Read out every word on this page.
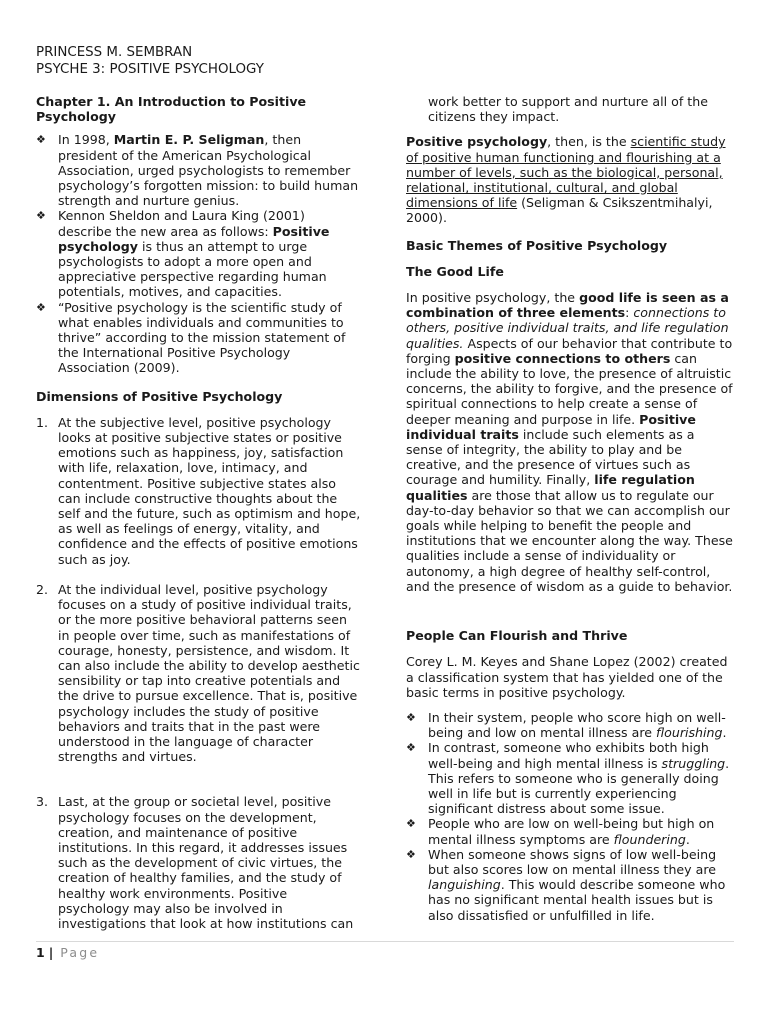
PRINCESS M. SEMBRAN
PSYCHE 3: POSITIVE PSYCHOLOGY

Chapter 1. An Introduction to Positive Psychology

❖ In 1998, Martin E. P. Seligman, then president of the American Psychological Association, urged psychologists to remember psychology’s forgotten mission: to build human strength and nurture genius.
❖ Kennon Sheldon and Laura King (2001) describe the new area as follows: Positive psychology is thus an attempt to urge psychologists to adopt a more open and appreciative perspective regarding human potentials, motives, and capacities.
❖ “Positive psychology is the scientific study of what enables individuals and communities to thrive” according to the mission statement of the International Positive Psychology Association (2009).

Dimensions of Positive Psychology

1. At the subjective level, positive psychology looks at positive subjective states or positive emotions such as happiness, joy, satisfaction with life, relaxation, love, intimacy, and contentment. Positive subjective states also can include constructive thoughts about the self and the future, such as optimism and hope, as well as feelings of energy, vitality, and confidence and the effects of positive emotions such as joy.
2. At the individual level, positive psychology focuses on a study of positive individual traits, or the more positive behavioral patterns seen in people over time, such as manifestations of courage, honesty, persistence, and wisdom. It can also include the ability to develop aesthetic sensibility or tap into creative potentials and the drive to pursue excellence. That is, positive psychology includes the study of positive behaviors and traits that in the past were understood in the language of character strengths and virtues.
3. Last, at the group or societal level, positive psychology focuses on the development, creation, and maintenance of positive institutions. In this regard, it addresses issues such as the development of civic virtues, the creation of healthy families, and the study of healthy work environments. Positive psychology may also be involved in investigations that look at how institutions can

work better to support and nurture all of the citizens they impact.

Positive psychology, then, is the scientific study of positive human functioning and flourishing at a number of levels, such as the biological, personal, relational, institutional, cultural, and global dimensions of life (Seligman & Csikszentmihalyi, 2000).

Basic Themes of Positive Psychology

The Good Life

In positive psychology, the good life is seen as a combination of three elements: connections to others, positive individual traits, and life regulation qualities. Aspects of our behavior that contribute to forging positive connections to others can include the ability to love, the presence of altruistic concerns, the ability to forgive, and the presence of spiritual connections to help create a sense of deeper meaning and purpose in life. Positive individual traits include such elements as a sense of integrity, the ability to play and be creative, and the presence of virtues such as courage and humility. Finally, life regulation qualities are those that allow us to regulate our day-to-day behavior so that we can accomplish our goals while helping to benefit the people and institutions that we encounter along the way. These qualities include a sense of individuality or autonomy, a high degree of healthy self-control, and the presence of wisdom as a guide to behavior.

People Can Flourish and Thrive

Corey L. M. Keyes and Shane Lopez (2002) created a classification system that has yielded one of the basic terms in positive psychology.

❖ In their system, people who score high on well-being and low on mental illness are flourishing.
❖ In contrast, someone who exhibits both high well-being and high mental illness is struggling. This refers to someone who is generally doing well in life but is currently experiencing significant distress about some issue.
❖ People who are low on well-being but high on mental illness symptoms are floundering.
❖ When someone shows signs of low well-being but also scores low on mental illness they are languishing. This would describe someone who has no significant mental health issues but is also dissatisfied or unfulfilled in life.
1 | Page
